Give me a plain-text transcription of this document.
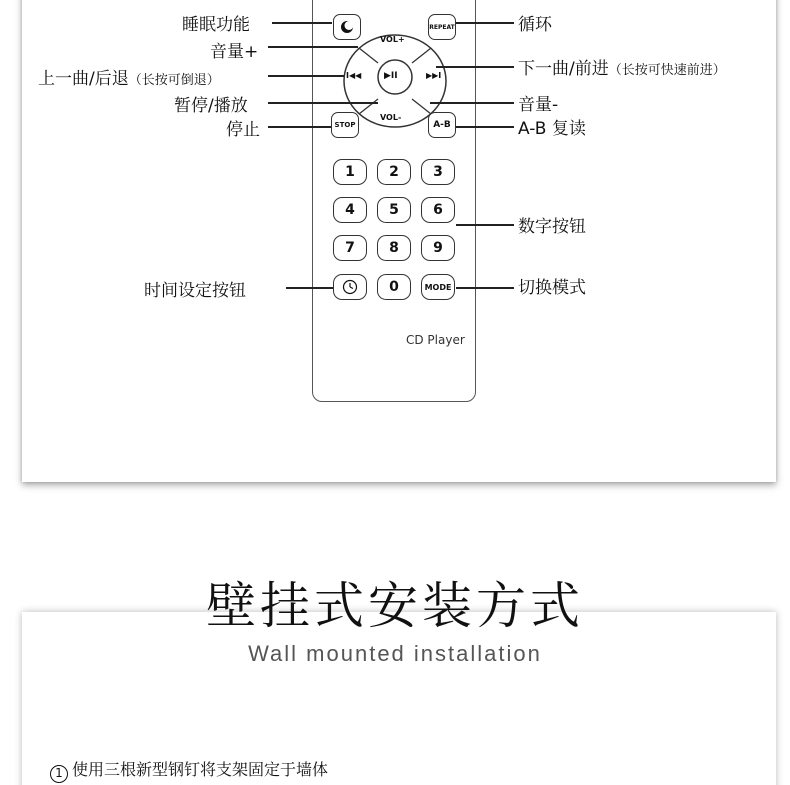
REPEAT
VOL+
VOL-
▶II
I◀◀	▶▶I
STOP	A-B
1	2	3
4	5	6
7	8	9
0	MODE
CD Player
睡眠功能
音量+
上一曲/后退（长按可倒退）
暂停/播放
停止
时间设定按钮
循环
下一曲/前进（长按可快速前进）
音量-
A-B 复读
数字按钮
切换模式
壁挂式安装方式
Wall mounted installation
1 使用三根新型钢钉将支架固定于墙体
